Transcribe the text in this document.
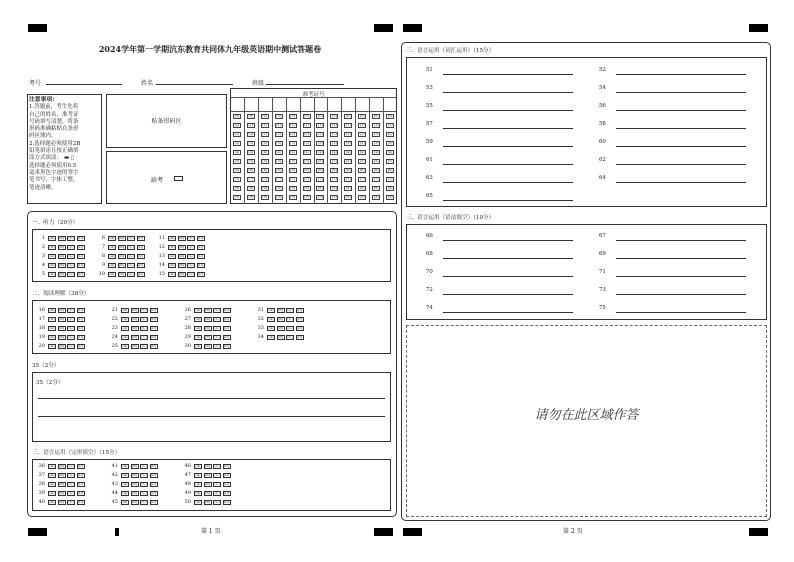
2024学年第一学期沆东教育共同体九年级英语期中测试答题卷
考号	姓名	班级
注意事项:
1.答题前，考生先将
自己的姓名、准考证
号码填写清楚，将条
形码准确粘贴在条形
码区域内。
2.选择题必须使用2B
铅笔填涂且按正确填
涂方式填涂： ▬ ▯
选择题必须使用0.5
毫米黑色字迹的签字
笔书写，字体工整，
笔迹清晰。
贴条形码区
缺考
准考证号
[0]
[1]
[2]
[3]
[4]
[5]
[6]
[7]
[8]
[9]
[0]
[1]
[2]
[3]
[4]
[5]
[6]
[7]
[8]
[9]
[0]
[1]
[2]
[3]
[4]
[5]
[6]
[7]
[8]
[9]
[0]
[1]
[2]
[3]
[4]
[5]
[6]
[7]
[8]
[9]
[0]
[1]
[2]
[3]
[4]
[5]
[6]
[7]
[8]
[9]
[0]
[1]
[2]
[3]
[4]
[5]
[6]
[7]
[8]
[9]
[0]
[1]
[2]
[3]
[4]
[5]
[6]
[7]
[8]
[9]
[0]
[1]
[2]
[3]
[4]
[5]
[6]
[7]
[8]
[9]
[0]
[1]
[2]
[3]
[4]
[5]
[6]
[7]
[8]
[9]
[0]
[1]
[2]
[3]
[4]
[5]
[6]
[7]
[8]
[9]
[0]
[1]
[2]
[3]
[4]
[5]
[6]
[7]
[8]
[9]
[0]
[1]
[2]
[3]
[4]
[5]
[6]
[7]
[8]
[9]
一、听力（20分）
1 [A] [B] [C] [D]
2 [A] [B] [C] [D]
3 [A] [B] [C] [D]
4 [A] [B] [C] [D]
5 [A] [B] [C] [D]
6 [A] [B] [C] [D]
7 [A] [B] [C] [D]
8 [A] [B] [C] [D]
9 [A] [B] [C] [D]
10 [A] [B] [C] [D]
11 [A] [B] [C] [D]
12 [A] [B] [C] [D]
13 [A] [B] [C] [D]
14 [A] [B] [C] [D]
15 [A] [B] [C] [D]
二、阅读理解（38分）
16 [A] [B] [C] [D]
17 [A] [B] [C] [D]
18 [A] [B] [C] [D]
19 [A] [B] [C] [D]
20 [A] [B] [C] [D]
21 [A] [B] [C] [D]
22 [A] [B] [C] [D]
23 [A] [B] [C] [D]
24 [A] [B] [C] [D]
25 [A] [B] [C] [D]
26 [A] [B] [C] [D]
27 [A] [B] [C] [D]
28 [A] [B] [C] [D]
29 [A] [B] [C] [D]
30 [A] [B] [C] [D]
31 [A] [B] [C] [D]
32 [A] [B] [C] [D]
33 [A] [B] [C] [D]
34 [A] [B] [C] [D]
35（2分）
35（2分）
三、语言运用（完形填空）（15分）
36 [A] [B] [C] [D]
37 [A] [B] [C] [D]
38 [A] [B] [C] [D]
39 [A] [B] [C] [D]
40 [A] [B] [C] [D]
41 [A] [B] [C] [D]
42 [A] [B] [C] [D]
43 [A] [B] [C] [D]
44 [A] [B] [C] [D]
45 [A] [B] [C] [D]
46 [A] [B] [C] [D]
47 [A] [B] [C] [D]
48 [A] [B] [C] [D]
49 [A] [B] [C] [D]
50 [A] [B] [C] [D]
第 1 页
三、语言运用（词汇运用）（15分）
51
53
55
57
59
61
63
65
52
54
56
58
60
62
64
三、语言运用（语法填空）（10分）
66
68
70
72
74
67
69
71
73
75
请勿在此区域作答
第 2 页
